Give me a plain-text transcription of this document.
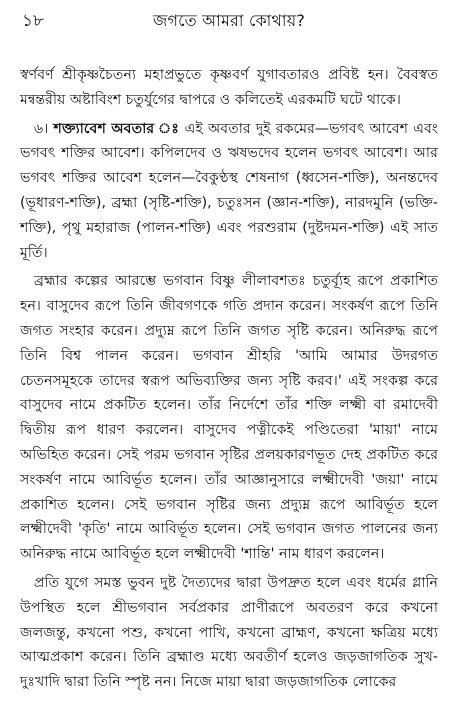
১৮	জগতে আমরা কোথায়?

স্বর্ণবর্ণ শ্রীকৃষ্ণচৈতন্য মহাপ্রভুতে কৃষ্ণবর্ণ যুগাবতারও প্রবিষ্ট হন। বৈবস্বত মন্বন্তরীয় অষ্টাবিংশ চতুর্যুগের দ্বাপরে ও কলিতেই এরকমটি ঘটে থাকে।

৬। শক্ত্যাবেশ অবতার ঃ এই অবতার দুই রকমের—ভগবৎ আবেশ এবং ভগবৎ শক্তির আবেশ। কপিলদেব ও ঋষভদেব হলেন ভগবৎ আবেশ। আর ভগবৎ শক্তির আবেশ হলেন—বৈকুণ্ঠস্থ শেষনাগ (ধ্বসেন-শক্তি), অনন্তদেব (ভূধারণ-শক্তি), ব্রহ্মা (সৃষ্টি-শক্তি), চতুঃসন (জ্ঞান-শক্তি), নারদমুনি (ভক্তি-শক্তি), পৃথু মহারাজ (পালন-শক্তি) এবং পরশুরাম (দুষ্টদমন-শক্তি) এই সাত মূর্তি।

ব্রহ্মার কল্পের আরম্ভে ভগবান বিষ্ণু লীলাবশতঃ চতুর্ব্যূহ রূপে প্রকাশিত হন। বাসুদেব রূপে তিনি জীবগণকে গতি প্রদান করেন। সংকর্ষণ রূপে তিনি জগত সংহার করেন। প্রদ্যুম্ন রূপে তিনি জগত সৃষ্টি করেন। অনিরুদ্ধ রূপে তিনি বিশ্ব পালন করেন। ভগবান শ্রীহরি 'আমি আমার উদরগত চেতনসমূহকে তাদের স্বরূপ অভিব্যক্তির জন্য সৃষ্টি করব।' এই সংকল্প করে বাসুদেব নামে প্রকটিত হলেন। তাঁর নির্দেশে তাঁর শক্তি লক্ষ্মী বা রমাদেবী দ্বিতীয় রূপ ধারণ করলেন। বাসুদেব পত্নীকেই পণ্ডিতেরা 'মায়া' নামে অভিহিত করেন। সেই পরম ভগবান সৃষ্টির প্রলয়কারণভূত দেহ প্রকটিত করে সংকর্ষণ নামে আবির্ভূত হলেন। তাঁর আজ্ঞানুসারে লক্ষ্মীদেবী 'জয়া' নামে প্রকাশিত হলেন। সেই ভগবান সৃষ্টির জন্য প্রদ্যুম্ন রূপে আবির্ভূত হলে লক্ষ্মীদেবী 'কৃতি' নামে আবির্ভূত হলেন। সেই ভগবান জগত পালনের জন্য অনিরুদ্ধ নামে আবির্ভূত হলে লক্ষ্মীদেবী 'শান্তি' নাম ধারণ করলেন।

প্রতি যুগে সমস্ত ভুবন দুষ্ট দৈত্যদের দ্বারা উপদ্রুত হলে এবং ধর্মের গ্লানি উপস্থিত হলে শ্রীভগবান সর্বপ্রকার প্রাণীরূপে অবতরণ করে কখনো জলজন্তু, কখনো পশু, কখনো পাখি, কখনো ব্রাহ্মণ, কখনো ক্ষত্রিয় মধ্যে আত্মপ্রকাশ করেন। তিনি ব্রহ্মাণ্ড মধ্যে অবতীর্ণ হলেও জড়জাগতিক সুখ-দুঃখাদি দ্বারা তিনি স্পৃষ্ট নন। নিজে মায়া দ্বারা জড়জাগতিক লোকের
